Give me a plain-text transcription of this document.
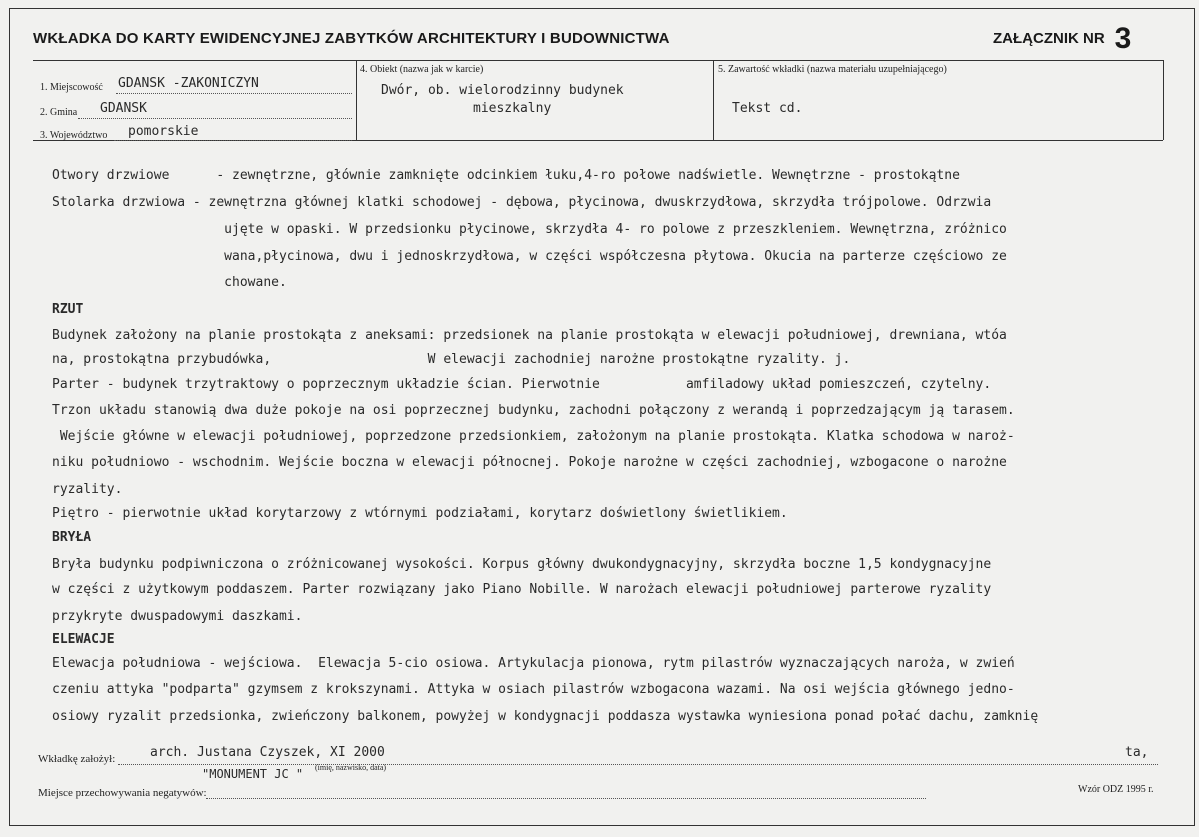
WKŁADKA DO KARTY EWIDENCYJNEJ ZABYTKÓW ARCHITEKTURY I BUDOWNICTWA	ZAŁĄCZNIK NR 3
1. Miejscowość GDANSK -ZAKONICZYN
2. Gmina GDANSK
3. Województwo pomorskie
4. Obiekt (nazwa jak w karcie)
Dwór, ob. wielorodzinny budynek
mieszkalny
5. Zawartość wkładki (nazwa materiału uzupełniającego)
Tekst cd.
Otwory drzwiowe      - zewnętrzne, głównie zamknięte odcinkiem łuku,4-ro połowe nadświetle. Wewnętrzne - prostokątne
Stolarka drzwiowa - zewnętrzna głównej klatki schodowej - dębowa, płycinowa, dwuskrzydłowa, skrzydła trójpolowe. Odrzwia
ujęte w opaski. W przedsionku płycinowe, skrzydła 4- ro polowe z przeszkleniem. Wewnętrzna, zróżnico
wana,płycinowa, dwu i jednoskrzydłowa, w części współczesna płytowa. Okucia na parterze częściowo ze
chowane.
RZUT
Budynek założony na planie prostokąta z aneksami: przedsionek na planie prostokąta w elewacji południowej, drewniana, wtóa
na, prostokątna przybudówka,                    W elewacji zachodniej narożne prostokątne ryzality. j.
Parter - budynek trzytraktowy o poprzecznym układzie ścian. Pierwotnie           amfiladowy układ pomieszczeń, czytelny.
Trzon układu stanowią dwa duże pokoje na osi poprzecznej budynku, zachodni połączony z werandą i poprzedzającym ją tarasem.
Wejście główne w elewacji południowej, poprzedzone przedsionkiem, założonym na planie prostokąta. Klatka schodowa w naroż-
niku południowo - wschodnim. Wejście boczna w elewacji północnej. Pokoje narożne w części zachodniej, wzbogacone o narożne
ryzality.
Piętro - pierwotnie układ korytarzowy z wtórnymi podziałami, korytarz doświetlony świetlikiem.
BRYŁA
Bryła budynku podpiwniczona o zróżnicowanej wysokości. Korpus główny dwukondygnacyjny, skrzydła boczne 1,5 kondygnacyjne
w części z użytkowym poddaszem. Parter rozwiązany jako Piano Nobille. W narożach elewacji południowej parterowe ryzality
przykryte dwuspadowymi daszkami.
ELEWACJE
Elewacja południowa - wejściowa.  Elewacja 5-cio osiowa. Artykulacja pionowa, rytm pilastrów wyznaczających naroża, w zwień
czeniu attyka "podparta" gzymsem z krokszynami. Attyka w osiach pilastrów wzbogacona wazami. Na osi wejścia głównego jedno-
osiowy ryzalit przedsionka, zwieńczony balkonem, powyżej w kondygnacji poddasza wystawka wyniesiona ponad połać dachu, zamknię
Wkładkę założył:	arch. Justana Czyszek, XI 2000	ta,
(imię, nazwisko, data)
"MONUMENT JC "
Miejsce przechowywania negatywów:	Wzór ODZ 1995 r.
